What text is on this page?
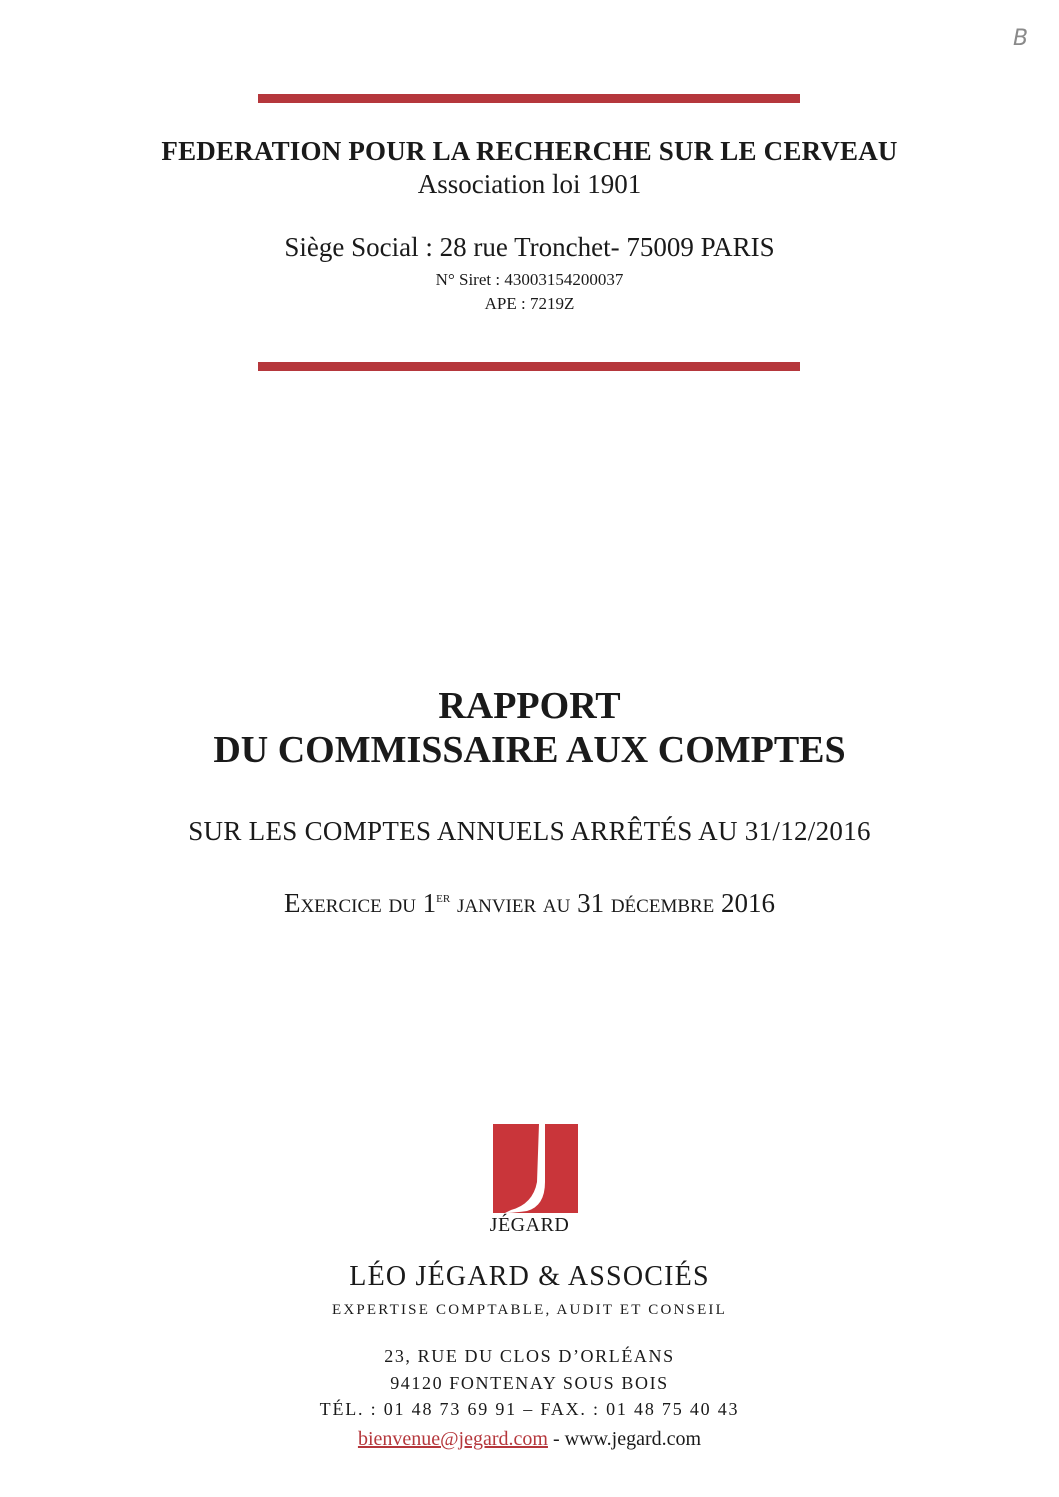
B
FEDERATION POUR LA RECHERCHE SUR LE CERVEAU
Association loi 1901
Siège Social : 28 rue Tronchet- 75009 PARIS
N° Siret : 43003154200037
APE : 7219Z
RAPPORT
DU COMMISSAIRE AUX COMPTES
SUR LES COMPTES ANNUELS ARRÊTÉS AU 31/12/2016
Exercice du 1er janvier au 31 décembre 2016
JÉGARD
LÉO JÉGARD & ASSOCIÉS
EXPERTISE COMPTABLE, AUDIT ET CONSEIL
23, RUE DU CLOS D’ORLÉANS
94120 FONTENAY SOUS BOIS
TÉL. : 01 48 73 69 91 – FAX. : 01 48 75 40 43
bienvenue@jegard.com - www.jegard.com
